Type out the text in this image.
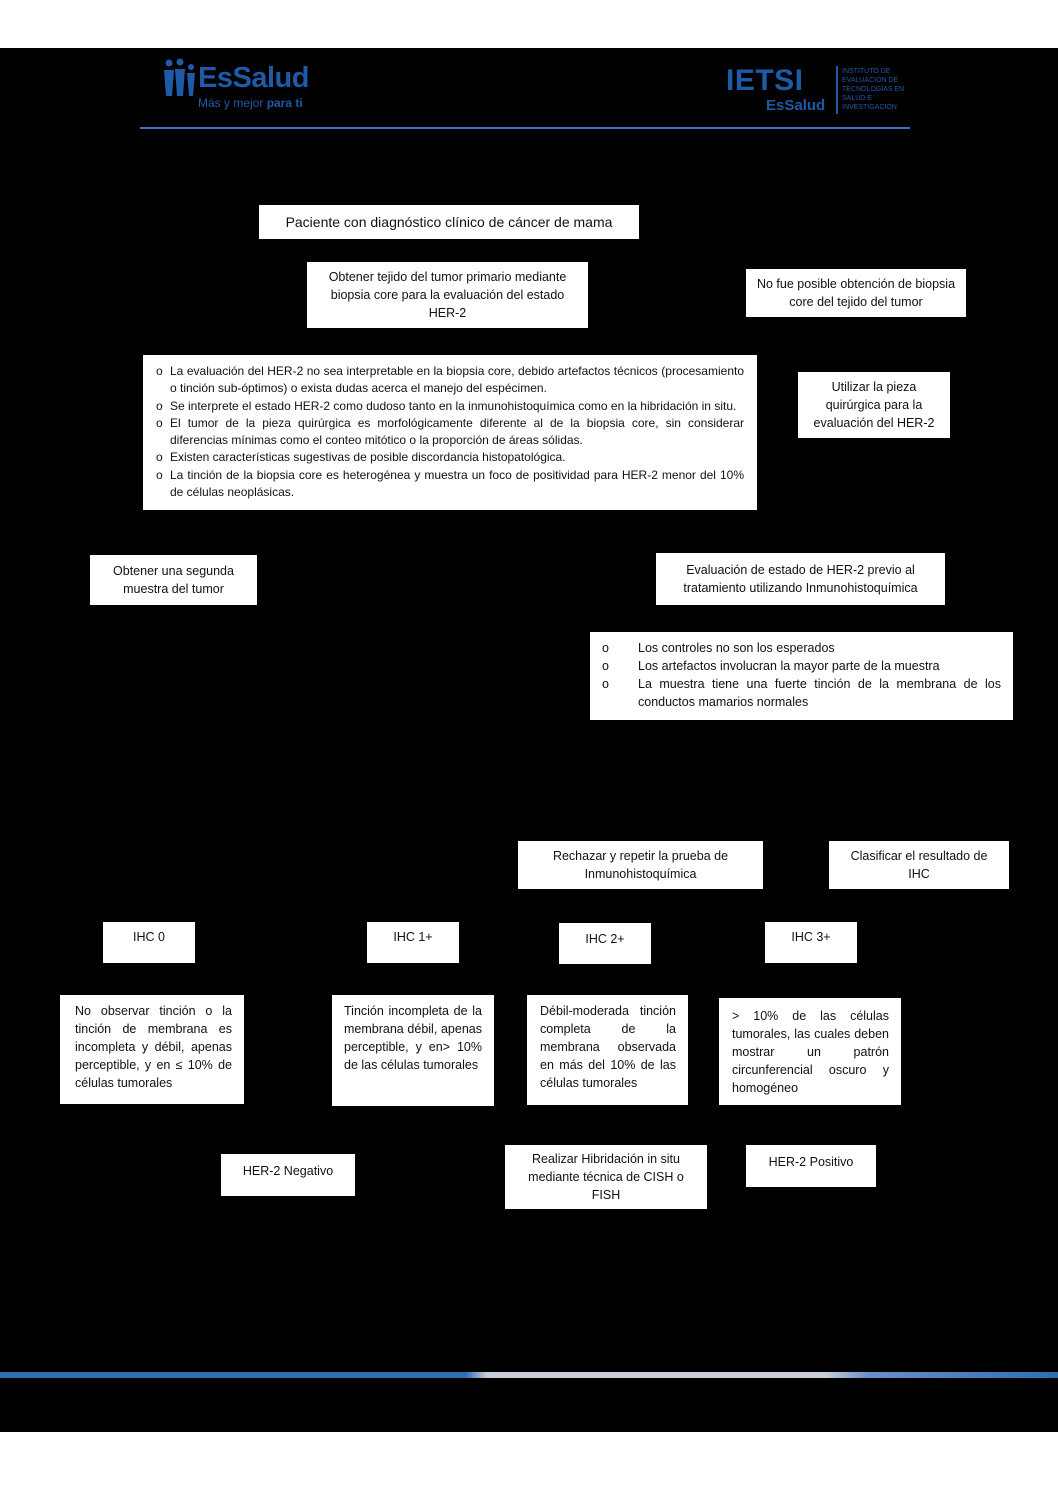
EsSalud
Más y mejor para ti
IETSI
EsSalud
INSTITUTO DE
EVALUACIÓN DE
TECNOLOGÍAS EN
SALUD E
INVESTIGACIÓN
Paciente con diagnóstico clínico de cáncer de mama
Obtener tejido del tumor primario mediante biopsia core para la evaluación del estado HER-2
No fue posible obtención de biopsia core del tejido del tumor
o La evaluación del HER-2 no sea interpretable en la biopsia core, debido artefactos técnicos (procesamiento o tinción sub-óptimos) o exista dudas acerca el manejo del espécimen.
o Se interprete el estado HER-2 como dudoso tanto en la inmunohistoquímica como en la hibridación in situ.
o El tumor de la pieza quirúrgica es morfológicamente diferente al de la biopsia core, sin considerar diferencias mínimas como el conteo mitótico o la proporción de áreas sólidas.
o Existen características sugestivas de posible discordancia histopatológica.
o La tinción de la biopsia core es heterogénea y muestra un foco de positividad para HER-2 menor del 10% de células neoplásicas.
Utilizar la pieza quirúrgica para la evaluación del HER-2
Obtener una segunda muestra del tumor
Evaluación de estado de HER-2 previo al tratamiento utilizando Inmunohistoquímica
o Los controles no son los esperados
o Los artefactos involucran la mayor parte de la muestra
o La muestra tiene una fuerte tinción de la membrana de los conductos mamarios normales
Rechazar y repetir la prueba de Inmunohistoquímica
Clasificar el resultado de IHC
IHC 0	IHC 1+	IHC 2+	IHC 3+
No observar tinción o la tinción de membrana es incompleta y débil, apenas perceptible, y en ≤ 10% de células tumorales
Tinción incompleta de la membrana débil, apenas perceptible, y en> 10% de las células tumorales
Débil-moderada tinción completa de la membrana observada en más del 10% de las células tumorales
> 10% de las células tumorales, las cuales deben mostrar un patrón circunferencial oscuro y homogéneo
HER-2 Negativo
Realizar Hibridación in situ mediante técnica de CISH o FISH
HER-2 Positivo
